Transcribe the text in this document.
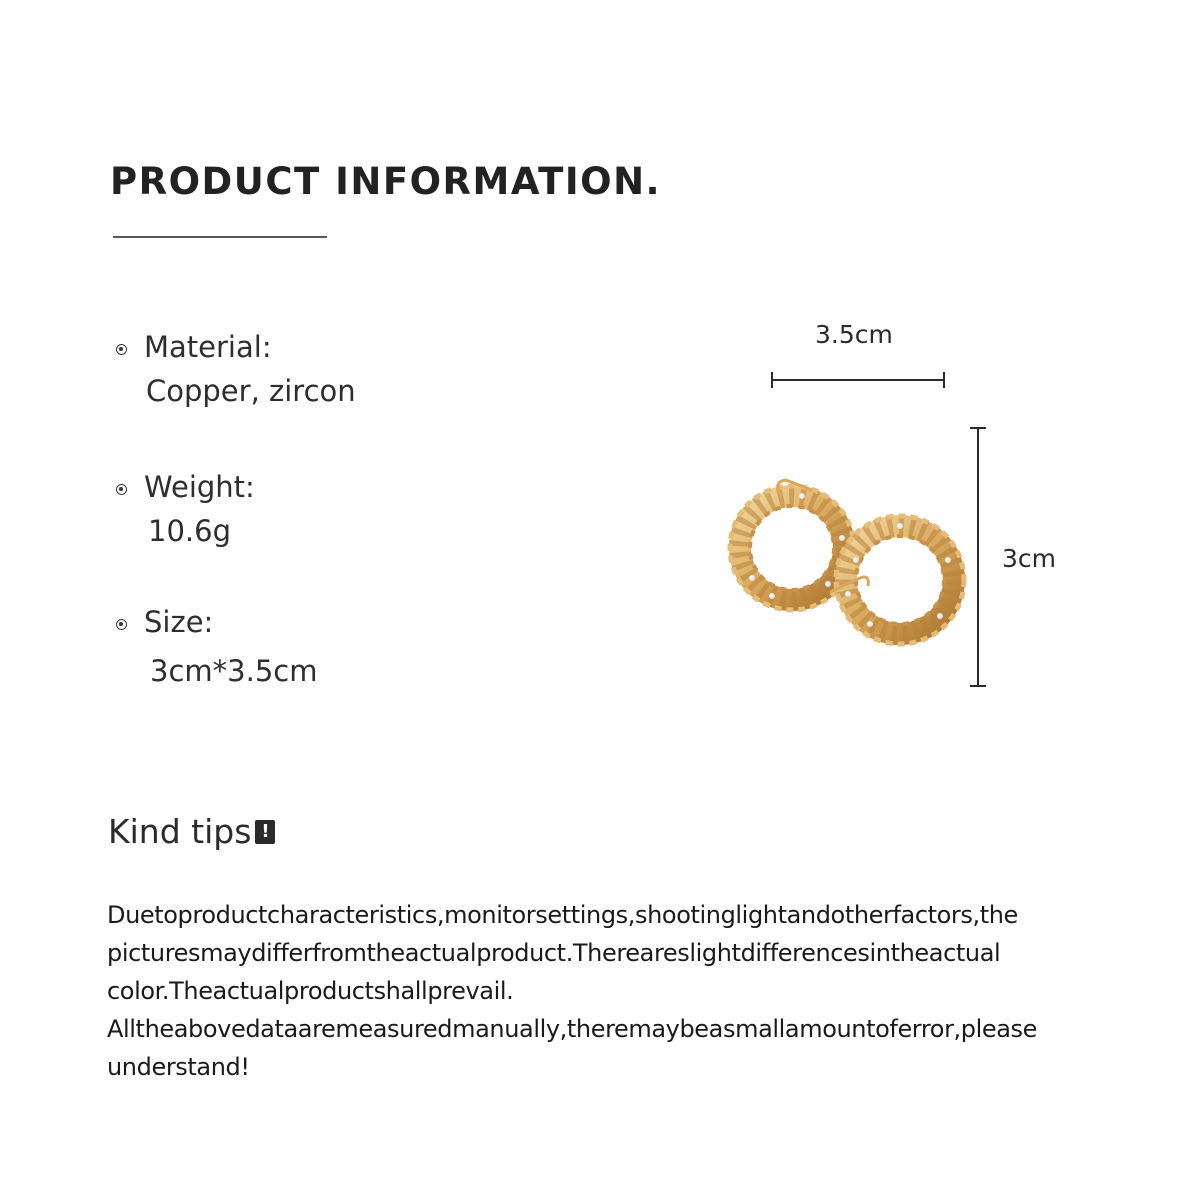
PRODUCT INFORMATION.
Material:
Copper, zircon
Weight:
10.6g
Size:
3cm*3.5cm
3.5cm
3cm
Kind tips !
Duetoproductcharacteristics,monitorsettings,shootinglightandotherfactors,the
picturesmaydifferfromtheactualproduct.Thereareslightdifferencesintheactual
color.Theactualproductshallprevail.
Alltheabovedataaremeasuredmanually,theremaybeasmallamountoferror,please
understand!
